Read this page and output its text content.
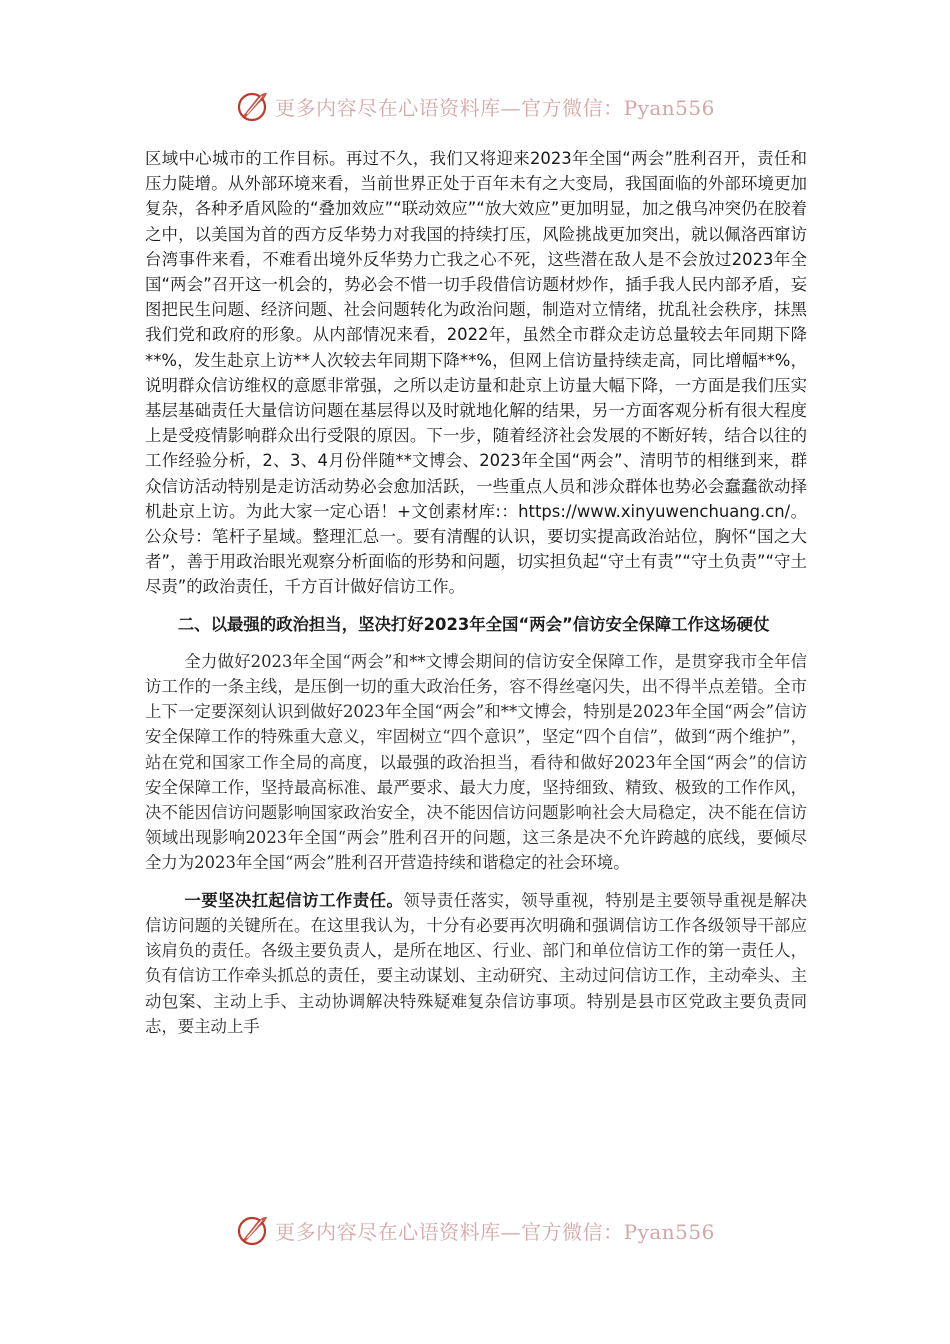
更多内容尽在心语资料库—官方微信：Pyan556

区域中心城市的工作目标。再过不久，我们又将迎来2023年全国“两会”胜利召开，责任和压力陡增。从外部环境来看，当前世界正处于百年未有之大变局，我国面临的外部环境更加复杂，各种矛盾风险的“叠加效应”“联动效应”“放大效应”更加明显，加之俄乌冲突仍在胶着之中，以美国为首的西方反华势力对我国的持续打压，风险挑战更加突出，就以佩洛西窜访台湾事件来看，不难看出境外反华势力亡我之心不死，这些潜在敌人是不会放过2023年全国“两会”召开这一机会的，势必会不惜一切手段借信访题材炒作，插手我人民内部矛盾，妄图把民生问题、经济问题、社会问题转化为政治问题，制造对立情绪，扰乱社会秩序，抹黑我们党和政府的形象。从内部情况来看，2022年，虽然全市群众走访总量较去年同期下降**%，发生赴京上访**人次较去年同期下降**%，但网上信访量持续走高，同比增幅**%，说明群众信访维权的意愿非常强，之所以走访量和赴京上访量大幅下降，一方面是我们压实基层基础责任大量信访问题在基层得以及时就地化解的结果，另一方面客观分析有很大程度上是受疫情影响群众出行受限的原因。下一步，随着经济社会发展的不断好转，结合以往的工作经验分析，2、3、4月份伴随**文博会、2023年全国“两会”、清明节的相继到来，群众信访活动特别是走访活动势必会愈加活跃，一些重点人员和涉众群体也势必会蠢蠢欲动择机赴京上访。为此大家一定心语！+文创素材库:：https://www.xinyuwenchuang.cn/。公众号：笔杆子星域。整理汇总一。要有清醒的认识，要切实提高政治站位，胸怀“国之大者”，善于用政治眼光观察分析面临的形势和问题，切实担负起“守土有责”“守土负责”“守土尽责”的政治责任，千方百计做好信访工作。

二、以最强的政治担当，坚决打好2023年全国“两会”信访安全保障工作这场硬仗

全力做好2023年全国“两会”和**文博会期间的信访安全保障工作，是贯穿我市全年信访工作的一条主线，是压倒一切的重大政治任务，容不得丝毫闪失，出不得半点差错。全市上下一定要深刻认识到做好2023年全国“两会”和**文博会，特别是2023年全国“两会”信访安全保障工作的特殊重大意义，牢固树立“四个意识”，坚定“四个自信”，做到“两个维护”，站在党和国家工作全局的高度，以最强的政治担当，看待和做好2023年全国“两会”的信访安全保障工作，坚持最高标准、最严要求、最大力度，坚持细致、精致、极致的工作作风，决不能因信访问题影响国家政治安全，决不能因信访问题影响社会大局稳定，决不能在信访领域出现影响2023年全国“两会”胜利召开的问题，这三条是决不允许跨越的底线，要倾尽全力为2023年全国“两会”胜利召开营造持续和谐稳定的社会环境。

一要坚决扛起信访工作责任。领导责任落实，领导重视，特别是主要领导重视是解决信访问题的关键所在。在这里我认为，十分有必要再次明确和强调信访工作各级领导干部应该肩负的责任。各级主要负责人，是所在地区、行业、部门和单位信访工作的第一责任人，负有信访工作牵头抓总的责任，要主动谋划、主动研究、主动过问信访工作，主动牵头、主动包案、主动上手、主动协调解决特殊疑难复杂信访事项。特别是县市区党政主要负责同志，要主动上手

更多内容尽在心语资料库—官方微信：Pyan556
